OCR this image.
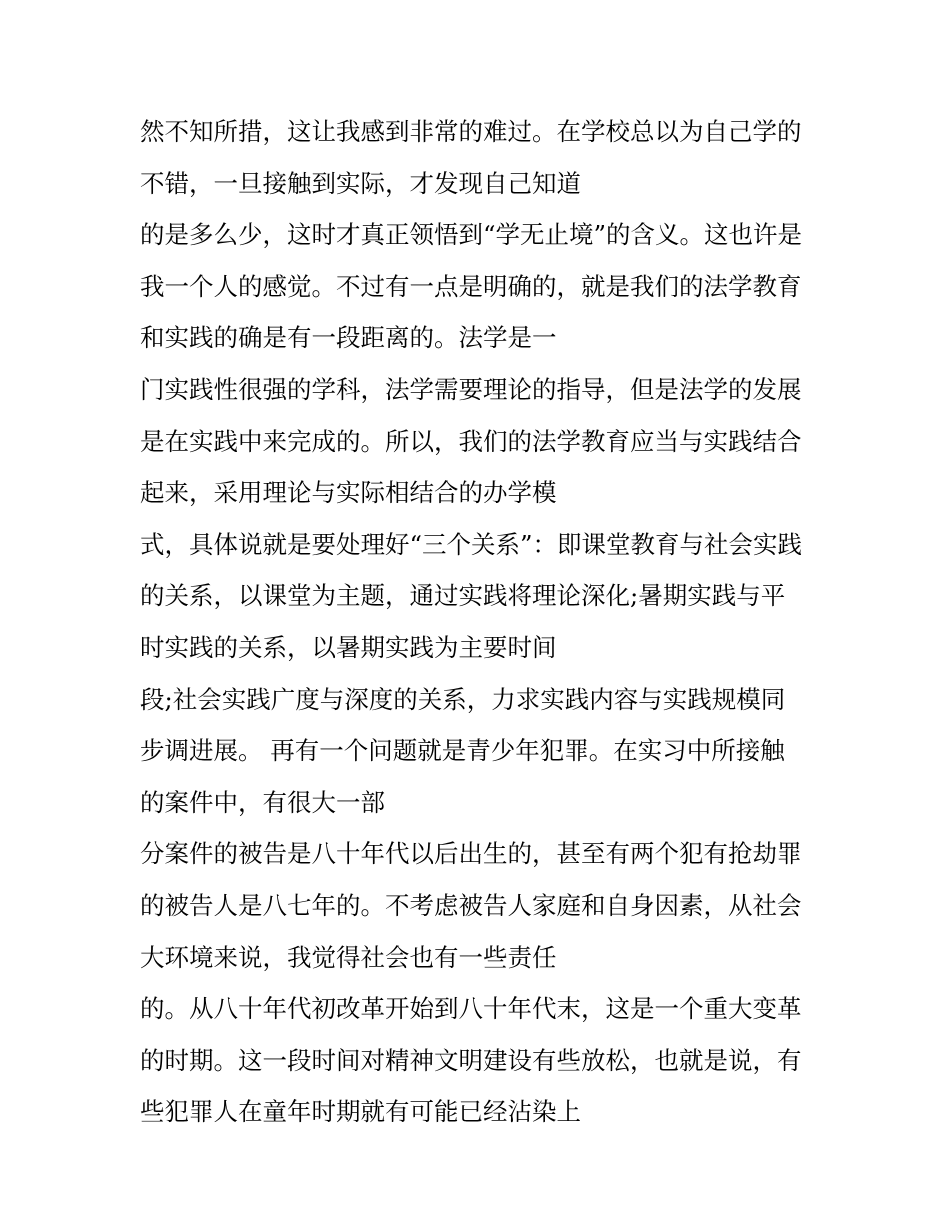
然不知所措，这让我感到非常的难过。在学校总以为自己学的
不错，一旦接触到实际，才发现自己知道
的是多么少，这时才真正领悟到“学无止境”的含义。这也许是
我一个人的感觉。不过有一点是明确的，就是我们的法学教育
和实践的确是有一段距离的。法学是一
门实践性很强的学科，法学需要理论的指导，但是法学的发展
是在实践中来完成的。所以，我们的法学教育应当与实践结合
起来，采用理论与实际相结合的办学模
式，具体说就是要处理好“三个关系”：即课堂教育与社会实践
的关系，以课堂为主题，通过实践将理论深化;暑期实践与平
时实践的关系，以暑期实践为主要时间
段;社会实践广度与深度的关系，力求实践内容与实践规模同
步调进展。 再有一个问题就是青少年犯罪。在实习中所接触
的案件中，有很大一部
分案件的被告是八十年代以后出生的，甚至有两个犯有抢劫罪
的被告人是八七年的。不考虑被告人家庭和自身因素，从社会
大环境来说，我觉得社会也有一些责任
的。从八十年代初改革开始到八十年代末，这是一个重大变革
的时期。这一段时间对精神文明建设有些放松，也就是说，有
些犯罪人在童年时期就有可能已经沾染上
